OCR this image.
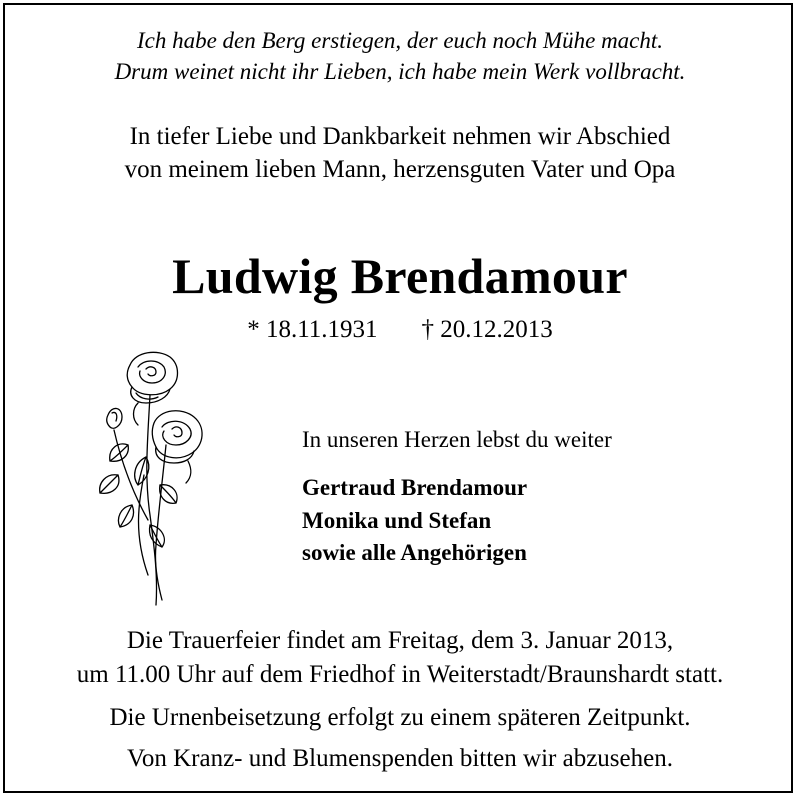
Ich habe den Berg erstiegen, der euch noch Mühe macht.
Drum weinet nicht ihr Lieben, ich habe mein Werk vollbracht.
In tiefer Liebe und Dankbarkeit nehmen wir Abschied
von meinem lieben Mann, herzensguten Vater und Opa
Ludwig Brendamour
* 18.11.1931 † 20.12.2013
In unseren Herzen lebst du weiter
Gertraud Brendamour
Monika und Stefan
sowie alle Angehörigen
Die Trauerfeier findet am Freitag, dem 3. Januar 2013,
um 11.00 Uhr auf dem Friedhof in Weiterstadt/Braunshardt statt.
Die Urnenbeisetzung erfolgt zu einem späteren Zeitpunkt.
Von Kranz- und Blumenspenden bitten wir abzusehen.
